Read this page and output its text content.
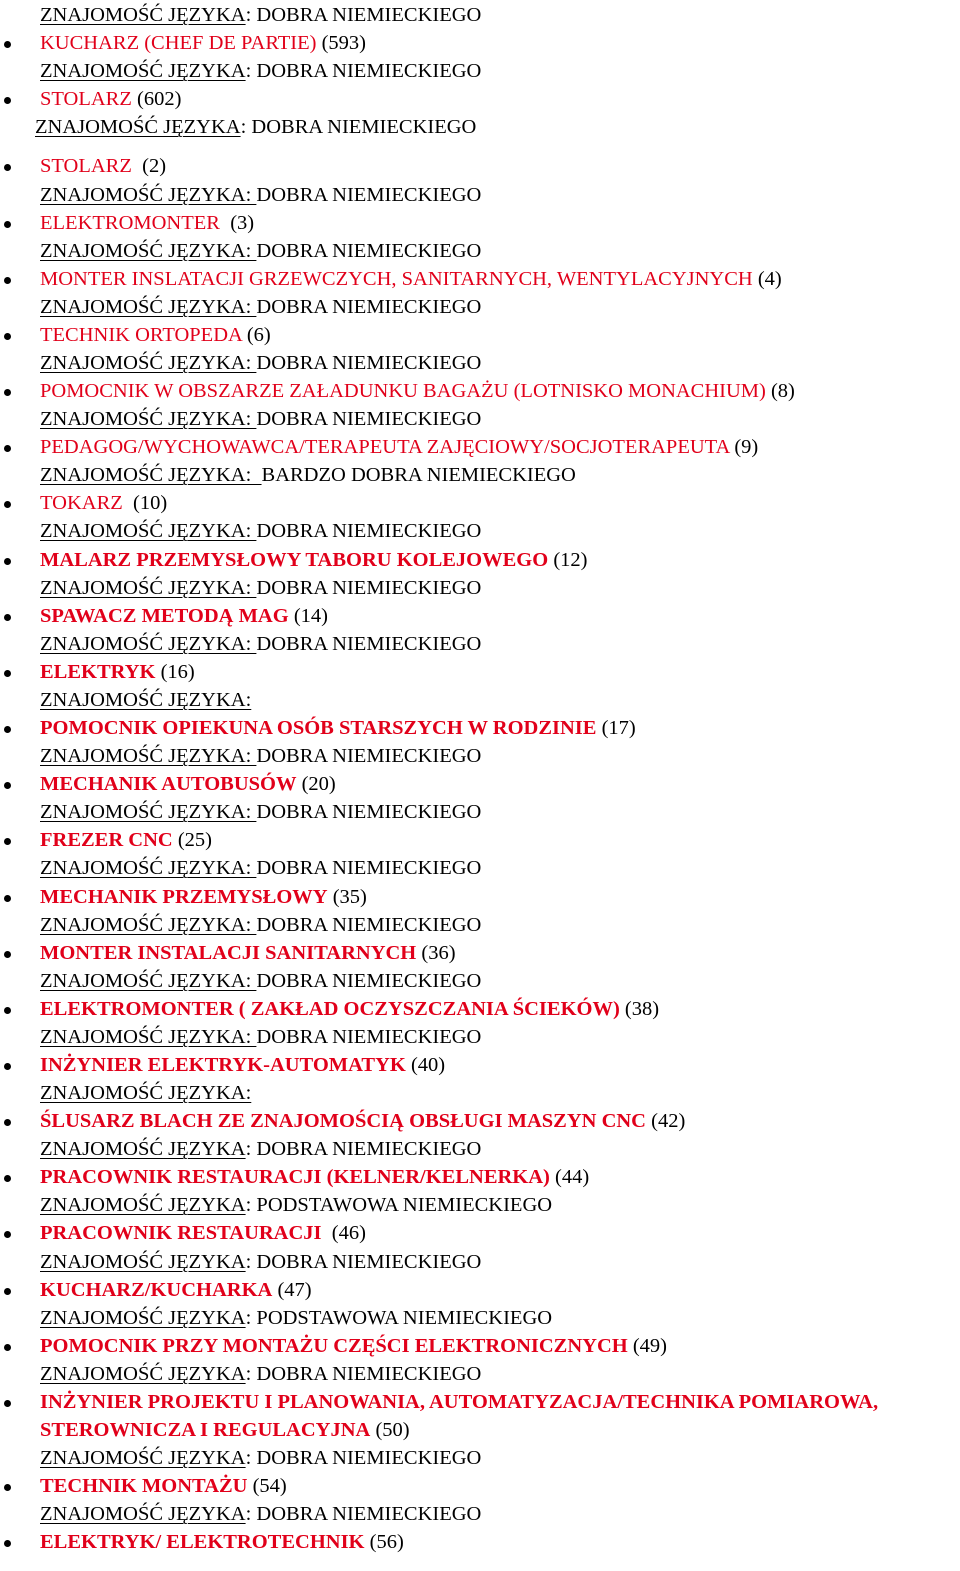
ZNAJOMOŚĆ JĘZYKA: DOBRA NIEMIECKIEGO
KUCHARZ (CHEF DE PARTIE) (593)
ZNAJOMOŚĆ JĘZYKA: DOBRA NIEMIECKIEGO
STOLARZ (602)
ZNAJOMOŚĆ JĘZYKA: DOBRA NIEMIECKIEGO
STOLARZ  (2)
ZNAJOMOŚĆ JĘZYKA: DOBRA NIEMIECKIEGO
ELEKTROMONTER  (3)
ZNAJOMOŚĆ JĘZYKA: DOBRA NIEMIECKIEGO
MONTER INSLATACJI GRZEWCZYCH, SANITARNYCH, WENTYLACYJNYCH (4)
ZNAJOMOŚĆ JĘZYKA: DOBRA NIEMIECKIEGO
TECHNIK ORTOPEDA (6)
ZNAJOMOŚĆ JĘZYKA: DOBRA NIEMIECKIEGO
POMOCNIK W OBSZARZE ZAŁADUNKU BAGAŻU (LOTNISKO MONACHIUM) (8)
ZNAJOMOŚĆ JĘZYKA: DOBRA NIEMIECKIEGO
PEDAGOG/WYCHOWAWCA/TERAPEUTA ZAJĘCIOWY/SOCJOTERAPEUTA (9)
ZNAJOMOŚĆ JĘZYKA:  BARDZO DOBRA NIEMIECKIEGO
TOKARZ  (10)
ZNAJOMOŚĆ JĘZYKA: DOBRA NIEMIECKIEGO
MALARZ PRZEMYSŁOWY TABORU KOLEJOWEGO (12)
ZNAJOMOŚĆ JĘZYKA: DOBRA NIEMIECKIEGO
SPAWACZ METODĄ MAG (14)
ZNAJOMOŚĆ JĘZYKA: DOBRA NIEMIECKIEGO
ELEKTRYK (16)
ZNAJOMOŚĆ JĘZYKA:
POMOCNIK OPIEKUNA OSÓB STARSZYCH W RODZINIE (17)
ZNAJOMOŚĆ JĘZYKA: DOBRA NIEMIECKIEGO
MECHANIK AUTOBUSÓW (20)
ZNAJOMOŚĆ JĘZYKA: DOBRA NIEMIECKIEGO
FREZER CNC (25)
ZNAJOMOŚĆ JĘZYKA: DOBRA NIEMIECKIEGO
MECHANIK PRZEMYSŁOWY (35)
ZNAJOMOŚĆ JĘZYKA: DOBRA NIEMIECKIEGO
MONTER INSTALACJI SANITARNYCH (36)
ZNAJOMOŚĆ JĘZYKA: DOBRA NIEMIECKIEGO
ELEKTROMONTER ( ZAKŁAD OCZYSZCZANIA ŚCIEKÓW) (38)
ZNAJOMOŚĆ JĘZYKA: DOBRA NIEMIECKIEGO
INŻYNIER ELEKTRYK-AUTOMATYK (40)
ZNAJOMOŚĆ JĘZYKA:
ŚLUSARZ BLACH ZE ZNAJOMOŚCIĄ OBSŁUGI MASZYN CNC (42)
ZNAJOMOŚĆ JĘZYKA: DOBRA NIEMIECKIEGO
PRACOWNIK RESTAURACJI (KELNER/KELNERKA) (44)
ZNAJOMOŚĆ JĘZYKA: PODSTAWOWA NIEMIECKIEGO
PRACOWNIK RESTAURACJI  (46)
ZNAJOMOŚĆ JĘZYKA: DOBRA NIEMIECKIEGO
KUCHARZ/KUCHARKA (47)
ZNAJOMOŚĆ JĘZYKA: PODSTAWOWA NIEMIECKIEGO
POMOCNIK PRZY MONTAŻU CZĘŚCI ELEKTRONICZNYCH (49)
ZNAJOMOŚĆ JĘZYKA: DOBRA NIEMIECKIEGO
INŻYNIER PROJEKTU I PLANOWANIA, AUTOMATYZACJA/TECHNIKA POMIAROWA,
STEROWNICZA I REGULACYJNA (50)
ZNAJOMOŚĆ JĘZYKA: DOBRA NIEMIECKIEGO
TECHNIK MONTAŻU (54)
ZNAJOMOŚĆ JĘZYKA: DOBRA NIEMIECKIEGO
ELEKTRYK/ ELEKTROTECHNIK (56)
